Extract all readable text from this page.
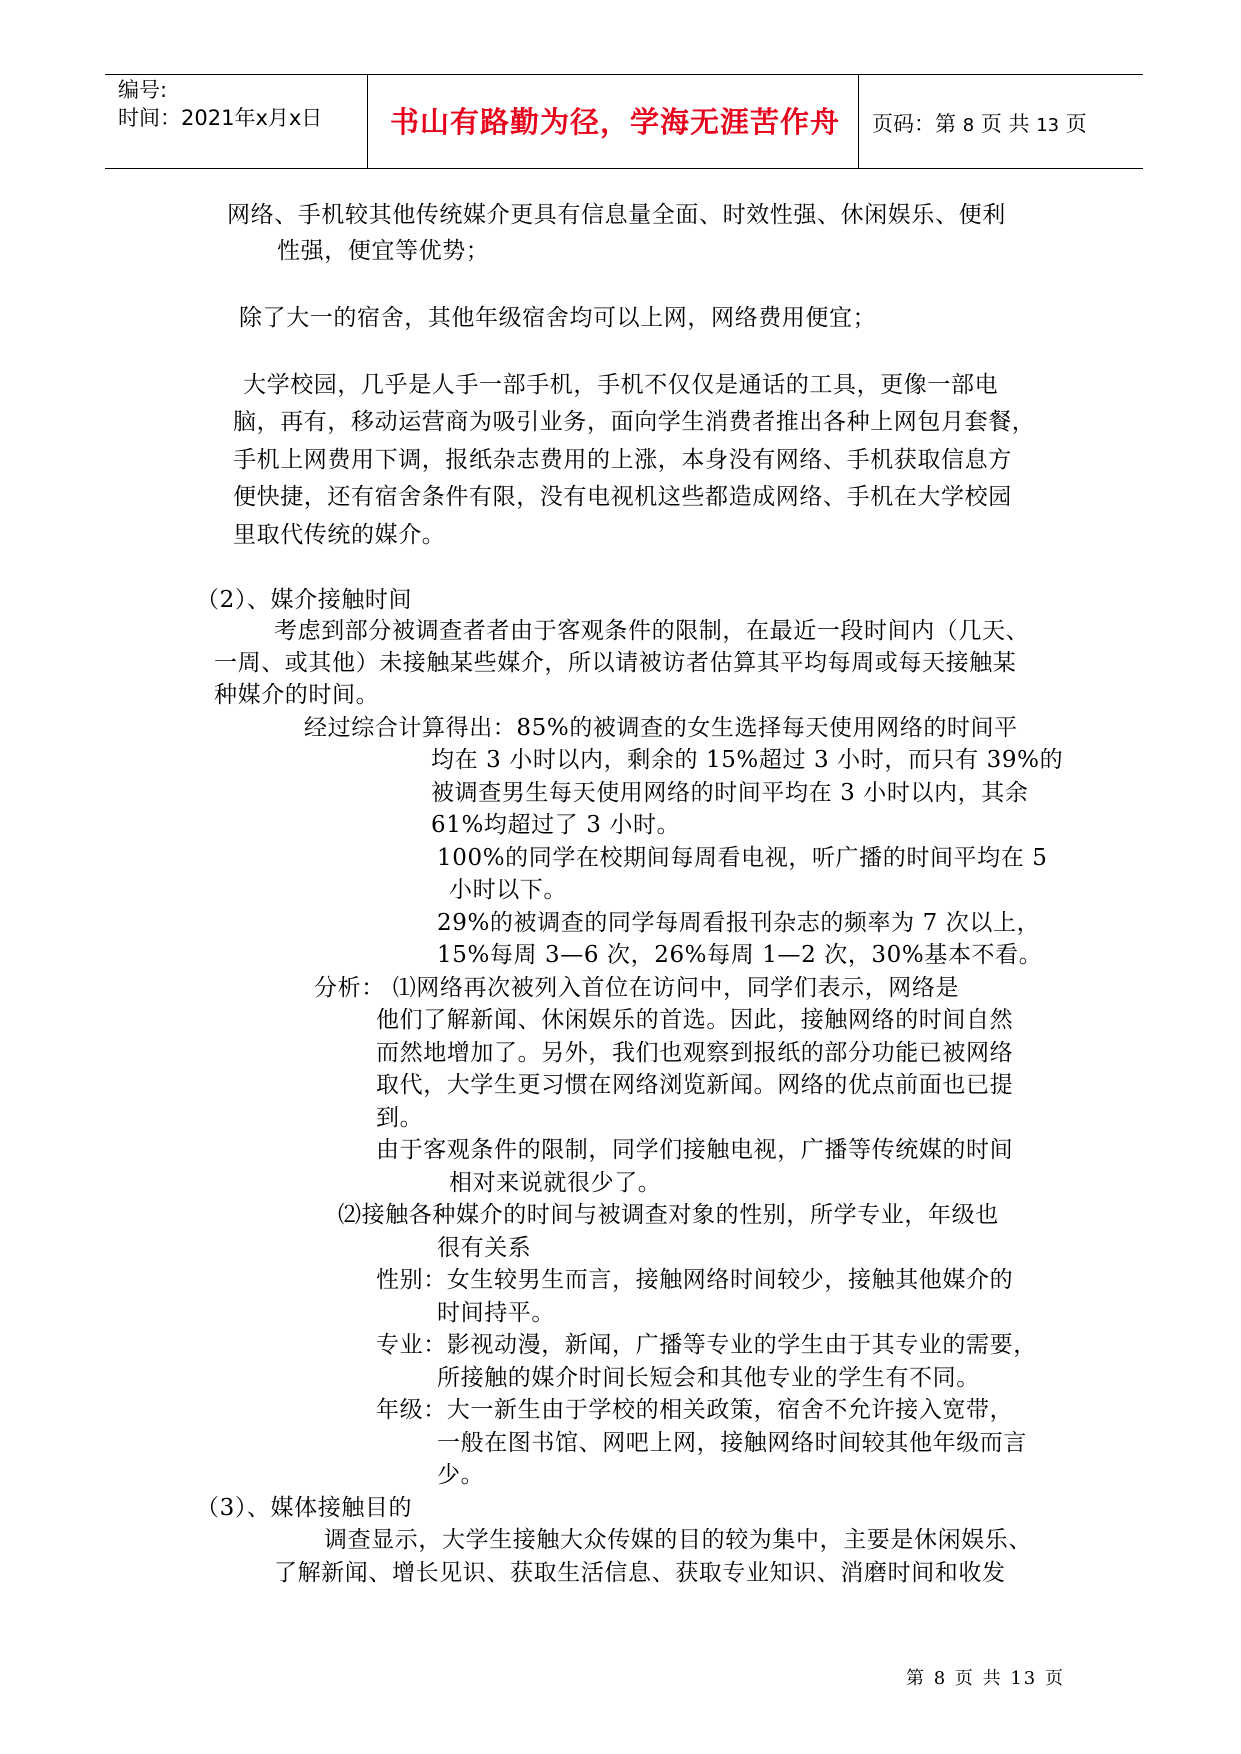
编号:
时间：2021年x月x日	书山有路勤为径，学海无涯苦作舟	页码：第 8 页 共 13 页
网络、手机较其他传统媒介更具有信息量全面、时效性强、休闲娱乐、便利
性强，便宜等优势；
除了大一的宿舍，其他年级宿舍均可以上网，网络费用便宜；
大学校园，几乎是人手一部手机，手机不仅仅是通话的工具，更像一部电
脑，再有，移动运营商为吸引业务，面向学生消费者推出各种上网包月套餐，
手机上网费用下调，报纸杂志费用的上涨，本身没有网络、手机获取信息方
便快捷，还有宿舍条件有限，没有电视机这些都造成网络、手机在大学校园
里取代传统的媒介。
（2）、媒介接触时间
考虑到部分被调查者者由于客观条件的限制，在最近一段时间内（几天、
一周、或其他）未接触某些媒介，所以请被访者估算其平均每周或每天接触某
种媒介的时间。
经过综合计算得出：85%的被调查的女生选择每天使用网络的时间平
均在 3 小时以内，剩余的 15%超过 3 小时，而只有 39%的
被调查男生每天使用网络的时间平均在 3 小时以内，其余
61%均超过了 3 小时。
100%的同学在校期间每周看电视，听广播的时间平均在 5
小时以下。
29%的被调查的同学每周看报刊杂志的频率为 7 次以上，
15%每周 3—6 次，26%每周 1—2 次，30%基本不看。
分析： ⑴网络再次被列入首位在访问中，同学们表示，网络是
他们了解新闻、休闲娱乐的首选。因此，接触网络的时间自然
而然地增加了。另外，我们也观察到报纸的部分功能已被网络
取代，大学生更习惯在网络浏览新闻。网络的优点前面也已提
到。
由于客观条件的限制，同学们接触电视，广播等传统媒的时间
相对来说就很少了。
⑵接触各种媒介的时间与被调查对象的性别，所学专业，年级也
很有关系
性别：女生较男生而言，接触网络时间较少，接触其他媒介的
时间持平。
专业：影视动漫，新闻，广播等专业的学生由于其专业的需要，
所接触的媒介时间长短会和其他专业的学生有不同。
年级：大一新生由于学校的相关政策，宿舍不允许接入宽带，
一般在图书馆、网吧上网，接触网络时间较其他年级而言
少。
（3）、媒体接触目的
调查显示，大学生接触大众传媒的目的较为集中，主要是休闲娱乐、
了解新闻、增长见识、获取生活信息、获取专业知识、消磨时间和收发
第 8 页 共 13 页
